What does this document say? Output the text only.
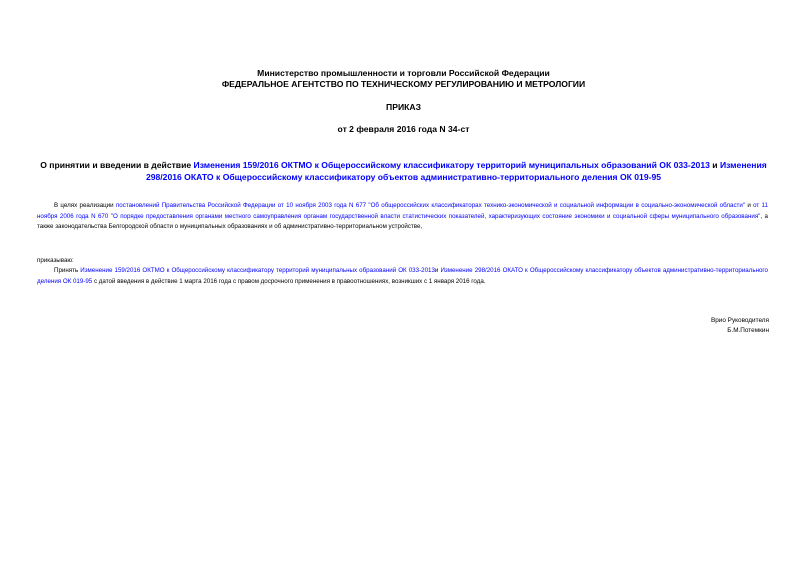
Министерство промышленности и торговли Российской Федерации
ФЕДЕРАЛЬНОЕ АГЕНТСТВО ПО ТЕХНИЧЕСКОМУ РЕГУЛИРОВАНИЮ И МЕТРОЛОГИИ
ПРИКАЗ
от 2 февраля 2016 года N 34-ст
О принятии и введении в действие Изменения 159/2016 ОКТМО к Общероссийскому классификатору территорий муниципальных образований ОК 033-2013 и Изменения 298/2016 ОКАТО к Общероссийскому классификатору объектов административно-территориального деления ОК 019-95
В целях реализации постановлений Правительства Российской Федерации от 10 ноября 2003 года N 677 "Об общероссийских классификаторах технико-экономической и социальной информации в социально-экономической области" и от 11 ноября 2006 года N 670 "О порядке предоставления органами местного самоуправления органам государственной власти статистических показателей, характеризующих состояние экономики и социальной сферы муниципального образования", а также законодательства Белгородской области о муниципальных образованиях и об административно-территориальном устройстве,
приказываю:
Принять Изменение 159/2016 ОКТМО к Общероссийскому классификатору территорий муниципальных образований ОК 033-2013и Изменение 298/2016 ОКАТО к Общероссийскому классификатору объектов административно-территориального деления ОК 019-95 с датой введения в действие 1 марта 2016 года с правом досрочного применения в правоотношениях, возникших с 1 января 2016 года.
Врио Руководителя
Б.М.Потемкин
